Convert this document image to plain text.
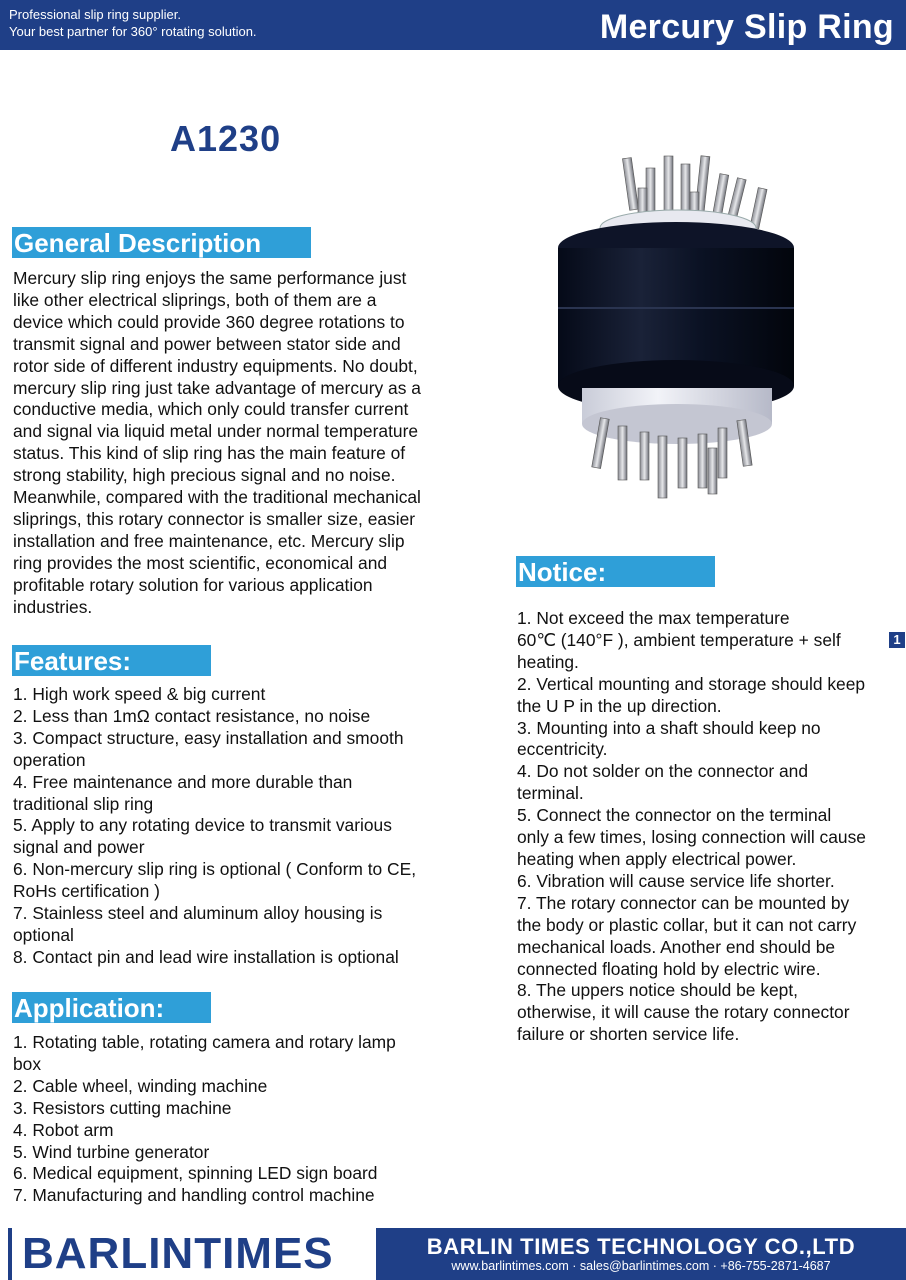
Professional slip ring supplier.
Your best partner for 360° rotating solution.	Mercury Slip Ring
A1230
General Description
Mercury slip ring enjoys the same performance just
like other electrical sliprings, both of them are a
device which could provide 360 degree rotations to
transmit signal and power between stator side and
rotor side of different industry equipments. No doubt,
mercury slip ring just take advantage of mercury as a
conductive media, which only could transfer current
and signal via liquid metal under normal temperature
status. This kind of slip ring has the main feature of
strong stability, high precious signal and no noise.
Meanwhile, compared with the traditional mechanical
sliprings, this rotary connector is smaller size, easier
installation and free maintenance, etc. Mercury slip
ring provides the most scientific, economical and
profitable rotary solution for various application
industries.
Features:
1. High work speed & big current
2. Less than 1mΩ contact resistance, no noise
3. Compact structure, easy installation and smooth
operation
4. Free maintenance and more durable than
traditional slip ring
5. Apply to any rotating device to transmit various
signal and power
6. Non-mercury slip ring is optional ( Conform to CE,
RoHs certification )
7. Stainless steel and aluminum alloy housing is
optional
8. Contact pin and lead wire installation is optional
Application:
1. Rotating table, rotating camera and rotary lamp
box
2. Cable wheel, winding machine
3. Resistors cutting machine
4. Robot arm
5. Wind turbine generator
6. Medical equipment, spinning LED sign board
7. Manufacturing and handling control machine
Notice:
1. Not exceed the max temperature
60℃ (140°F ), ambient temperature + self
heating.
2. Vertical mounting and storage should keep
the U P in the up direction.
3. Mounting into a shaft should keep no
eccentricity.
4. Do not solder on the connector and
terminal.
5. Connect the connector on the terminal
only a few times, losing connection will cause
heating when apply electrical power.
6. Vibration will cause service life shorter.
7. The rotary connector can be mounted by
the body or plastic collar, but it can not carry
mechanical loads. Another end should be
connected floating hold by electric wire.
8. The uppers notice should be kept,
otherwise, it will cause the rotary connector
failure or shorten service life.
1
BARLINTIMES	BARLIN TIMES TECHNOLOGY CO.,LTD
www.barlintimes.com · sales@barlintimes.com · +86-755-2871-4687
